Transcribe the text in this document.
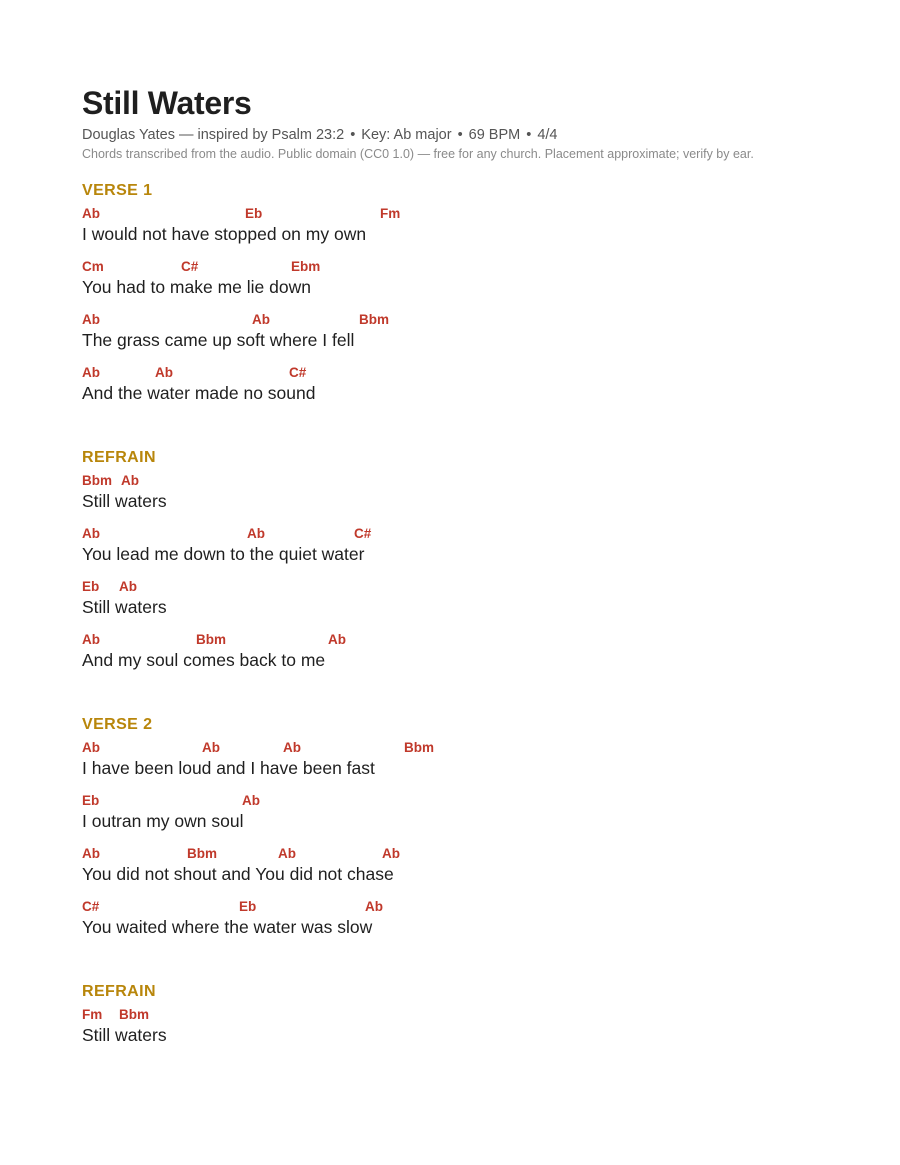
Still Waters
Douglas Yates — inspired by Psalm 23:2 • Key: Ab major • 69 BPM • 4/4
Chords transcribed from the audio. Public domain (CC0 1.0) — free for any church. Placement approximate; verify by ear.
VERSE 1
Ab	Eb	Fm
I would not have stopped on my own
Cm	C#	Ebm
You had to make me lie down
Ab	Ab	Bbm
The grass came up soft where I fell
Ab	Ab	C#
And the water made no sound
REFRAIN
Bbm Ab
Still waters
Ab	Ab	C#
You lead me down to the quiet water
Eb Ab
Still waters
Ab	Bbm	Ab
And my soul comes back to me
VERSE 2
Ab	Ab	Ab	Bbm
I have been loud and I have been fast
Eb	Ab
I outran my own soul
Ab	Bbm	Ab	Ab
You did not shout and You did not chase
C#	Eb	Ab
You waited where the water was slow
REFRAIN
Fm Bbm
Still waters
